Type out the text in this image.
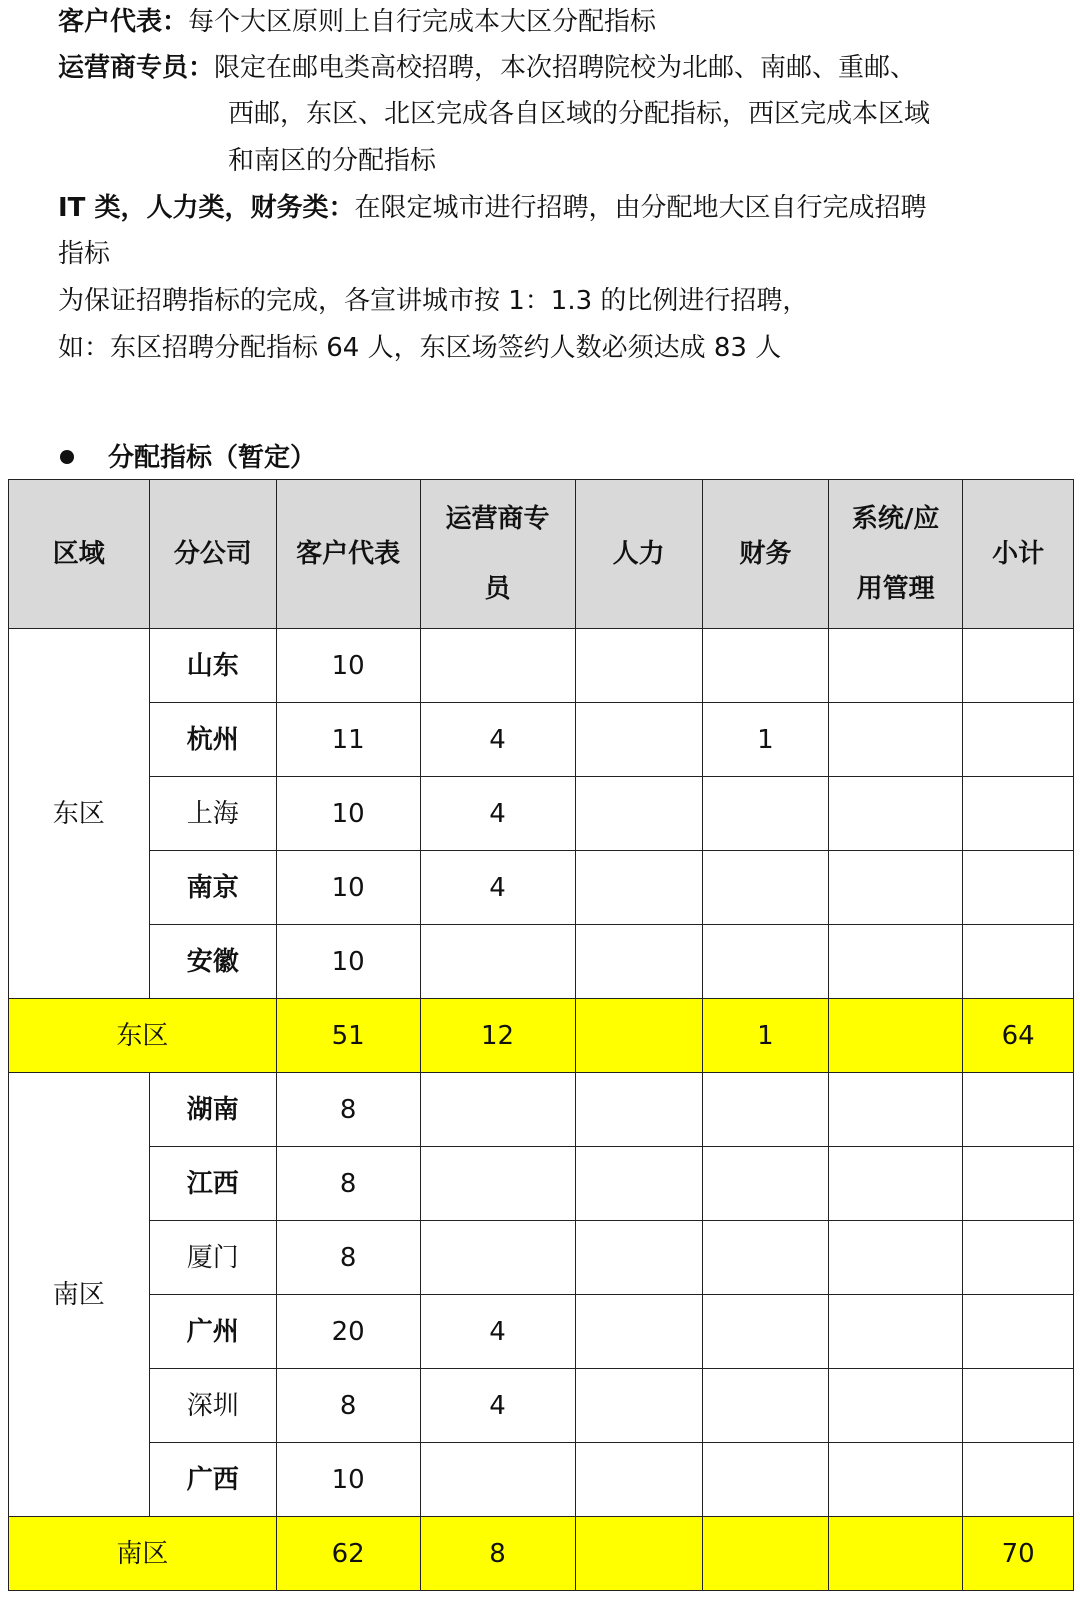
客户代表：每个大区原则上自行完成本大区分配指标
运营商专员：限定在邮电类高校招聘，本次招聘院校为北邮、南邮、重邮、
西邮，东区、北区完成各自区域的分配指标，西区完成本区域
和南区的分配指标
IT 类，人力类，财务类：在限定城市进行招聘，由分配地大区自行完成招聘
指标
为保证招聘指标的完成，各宣讲城市按 1：1.3 的比例进行招聘，
如：东区招聘分配指标 64 人，东区场签约人数必须达成 83 人
分配指标（暂定）
区域	分公司	客户代表	运营商专
员	人力	财务	系统/应
用管理	小计
东区	山东	10					
	杭州	11	4		1		
	上海	10	4				
	南京	10	4				
	安徽	10					
东区		51	12		1		64
南区	湖南	8					
	江西	8					
	厦门	8					
	广州	20	4				
	深圳	8	4				
	广西	10					
南区		62	8				70
